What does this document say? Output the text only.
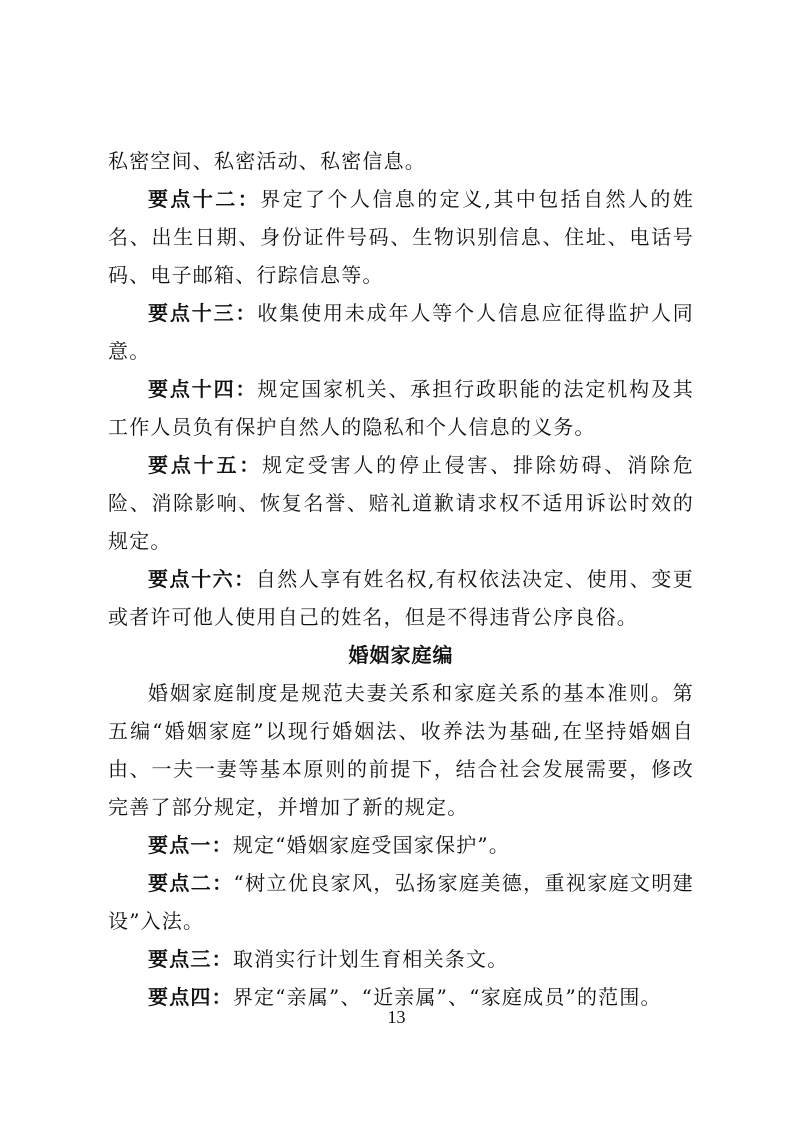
私密空间、私密活动、私密信息。

要点十二：界定了个人信息的定义,其中包括自然人的姓名、出生日期、身份证件号码、生物识别信息、住址、电话号码、电子邮箱、行踪信息等。

要点十三：收集使用未成年人等个人信息应征得监护人同意。

要点十四：规定国家机关、承担行政职能的法定机构及其工作人员负有保护自然人的隐私和个人信息的义务。

要点十五：规定受害人的停止侵害、排除妨碍、消除危险、消除影响、恢复名誉、赔礼道歉请求权不适用诉讼时效的规定。

要点十六：自然人享有姓名权,有权依法决定、使用、变更或者许可他人使用自己的姓名，但是不得违背公序良俗。

婚姻家庭编

婚姻家庭制度是规范夫妻关系和家庭关系的基本准则。第五编“婚姻家庭”以现行婚姻法、收养法为基础,在坚持婚姻自由、一夫一妻等基本原则的前提下，结合社会发展需要，修改完善了部分规定，并增加了新的规定。

要点一：规定“婚姻家庭受国家保护”。

要点二：“树立优良家风，弘扬家庭美德，重视家庭文明建设”入法。

要点三：取消实行计划生育相关条文。

要点四：界定“亲属”、“近亲属”、“家庭成员”的范围。

13
